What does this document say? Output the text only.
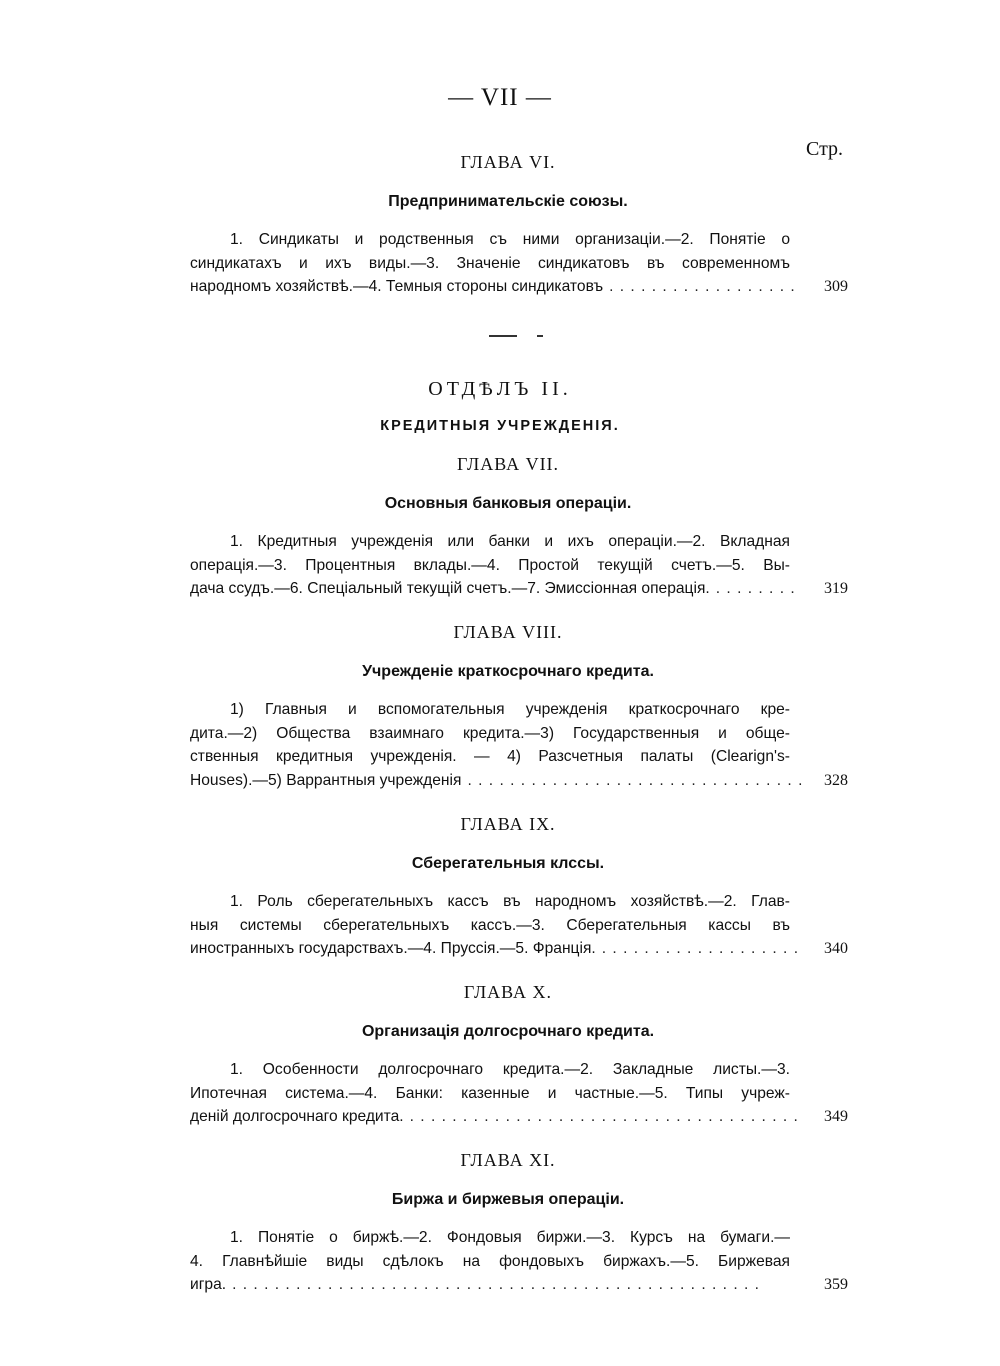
— VII —
Стр.
ГЛАВА VI.
Предпринимательскіе союзы.
1. Синдикаты и родственныя съ ними организаціи.—2. Понятіе о
синдикатахъ и ихъ виды.—3. Значеніе синдикатовъ въ современномъ
народномъ хозяйствѣ.—4. Темныя стороны синдикатовъ . . .	309
ОТДѢЛЪ II.
КРЕДИТНЫЯ УЧРЕЖДЕНІЯ.
ГЛАВА VII.
Основныя банковыя операціи.
1. Кредитныя учрежденія или банки и ихъ операціи.—2. Вкладная
операція.—3. Процентныя вклады.—4. Простой текущій счетъ.—5. Вы-
дача ссудъ.—6. Спеціальный текущій счетъ.—7. Эмиссіонная операція. . . .	319
ГЛАВА VIII.
Учрежденіе краткосрочнаго кредита.
1) Главныя и вспомогательныя учрежденія краткосрочнаго кре-
дита.—2) Общества взаимнаго кредита.—3) Государственныя и обще-
ственныя кредитныя учрежденія. — 4) Разсчетныя палаты (Clearign's-
Houses).—5) Варрантныя учрежденія . . .	328
ГЛАВА IX.
Сберегательныя клссы.
1. Роль сберегательныхъ кассъ въ народномъ хозяйствѣ.—2. Глав-
ныя системы сберегательныхъ кассъ.—3. Сберегательныя кассы въ
иностранныхъ государствахъ.—4. Пруссія.—5. Франція. . . .	340
ГЛАВА X.
Организація долгосрочнаго кредита.
1. Особенности долгосрочнаго кредита.—2. Закладные листы.—3.
Ипотечная система.—4. Банки: казенные и частные.—5. Типы учреж-
деній долгосрочнаго кредита. . . .	349
ГЛАВА XI.
Биржа и биржевыя операціи.
1. Понятіе о биржѣ.—2. Фондовыя биржи.—3. Курсъ на бумаги.—
4. Главнѣйшіе виды сдѣлокъ на фондовыхъ биржахъ.—5. Биржевая
игра. . . .	359
